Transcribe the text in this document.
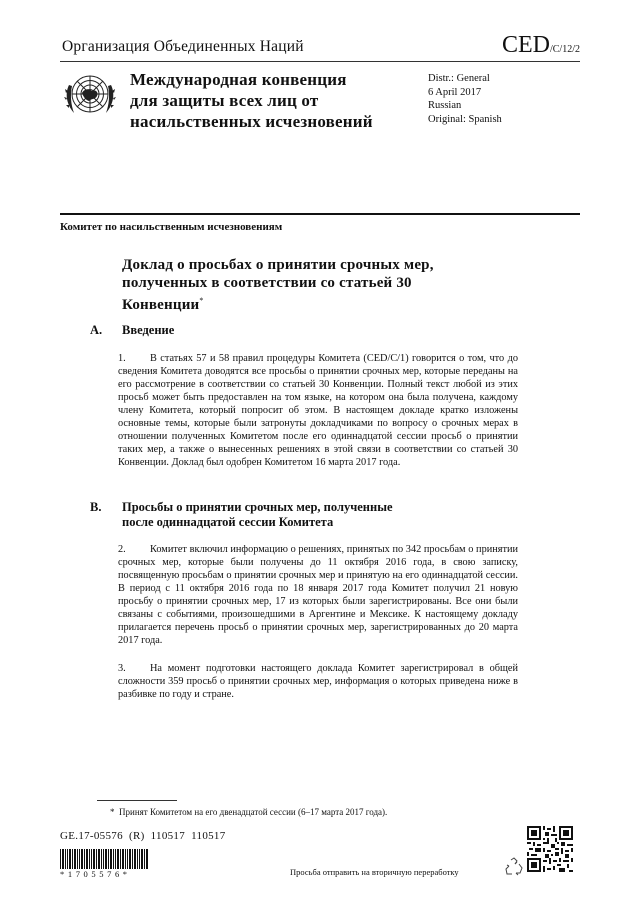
Организация Объединенных Наций	CED/C/12/2
Международная конвенция
для защиты всех лиц от
насильственных исчезновений
Distr.: General
6 April 2017
Russian
Original: Spanish
Комитет по насильственным исчезновениям
Доклад о просьбах о принятии срочных мер,
полученных в соответствии со статьей 30
Конвенции*
A. Введение
1. В статьях 57 и 58 правил процедуры Комитета (CED/C/1) говорится о том, что до сведения Комитета доводятся все просьбы о принятии срочных мер, которые переданы на его рассмотрение в соответствии со статьей 30 Конвенции. Полный текст любой из этих просьб может быть предоставлен на том языке, на котором она была получена, каждому члену Комитета, который попросит об этом. В настоящем докладе кратко изложены основные темы, которые были затронуты докладчиками по вопросу о срочных мерах в отношении полученных Комитетом после его одиннадцатой сессии просьб о принятии таких мер, а также о вынесенных решениях в этой связи в соответствии со статьей 30 Конвенции. Доклад был одобрен Комитетом 16 марта 2017 года.
B. Просьбы о принятии срочных мер, полученные
после одиннадцатой сессии Комитета
2. Комитет включил информацию о решениях, принятых по 342 просьбам о принятии срочных мер, которые были получены до 11 октября 2016 года, в свою записку, посвященную просьбам о принятии срочных мер и принятую на его одиннадцатой сессии. В период с 11 октября 2016 года по 18 января 2017 года Комитет получил 21 новую просьбу о принятии срочных мер, 17 из которых были зарегистрированы. Все они были связаны с событиями, произошедшими в Аргентине и Мексике. К настоящему докладу прилагается перечень просьб о принятии срочных мер, зарегистрированных до 20 марта 2017 года.
3. На момент подготовки настоящего доклада Комитет зарегистрировал в общей сложности 359 просьб о принятии срочных мер, информация о которых приведена ниже в разбивке по году и стране.
* Принят Комитетом на его двенадцатой сессии (6–17 марта 2017 года).
GE.17-05576  (R)  110517  110517
*1705576*	Просьба отправить на вторичную переработку
